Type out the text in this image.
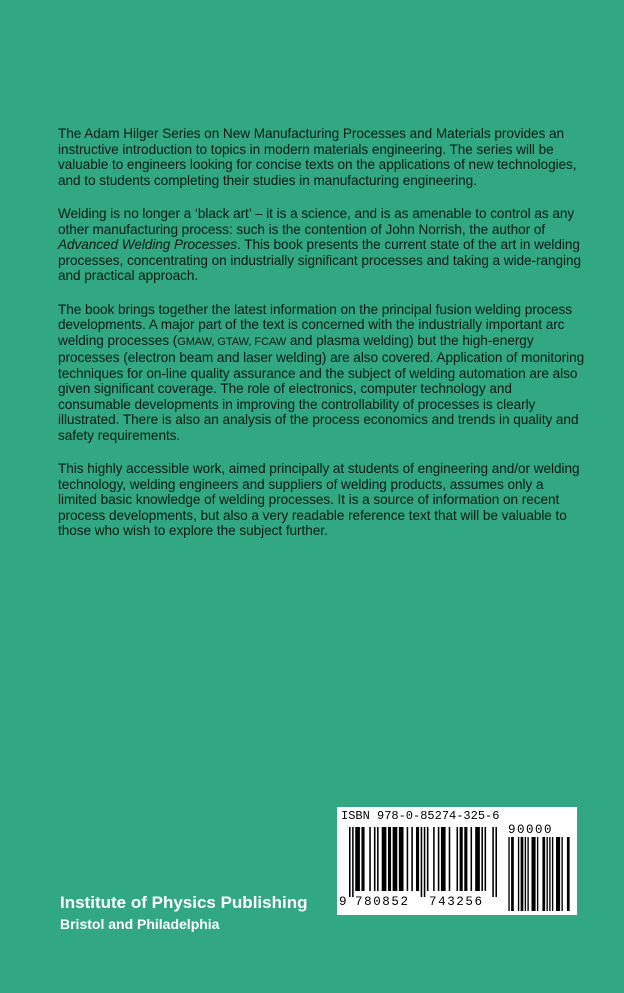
The Adam Hilger Series on New Manufacturing Processes and Materials provides an instructive introduction to topics in modern materials engineering. The series will be valuable to engineers looking for concise texts on the applications of new technologies, and to students completing their studies in manufacturing engineering.

Welding is no longer a ‘black art’ – it is a science, and is as amenable to control as any other manufacturing process: such is the contention of John Norrish, the author of Advanced Welding Processes. This book presents the current state of the art in welding processes, concentrating on industrially significant processes and taking a wide-ranging and practical approach.

The book brings together the latest information on the principal fusion welding process developments. A major part of the text is concerned with the industrially important arc welding processes (GMAW, GTAW, FCAW and plasma welding) but the high-energy processes (electron beam and laser welding) are also covered. Application of monitoring techniques for on-line quality assurance and the subject of welding automation are also given significant coverage. The role of electronics, computer technology and consumable developments in improving the controllability of processes is clearly illustrated. There is also an analysis of the process economics and trends in quality and safety requirements.

This highly accessible work, aimed principally at students of engineering and/or welding technology, welding engineers and suppliers of welding products, assumes only a limited basic knowledge of welding processes. It is a source of information on recent process developments, but also a very readable reference text that will be valuable to those who wish to explore the subject further.

Institute of Physics Publishing
Bristol and Philadelphia
ISBN 978-0-85274-325-6
90000
9 780852 743256
